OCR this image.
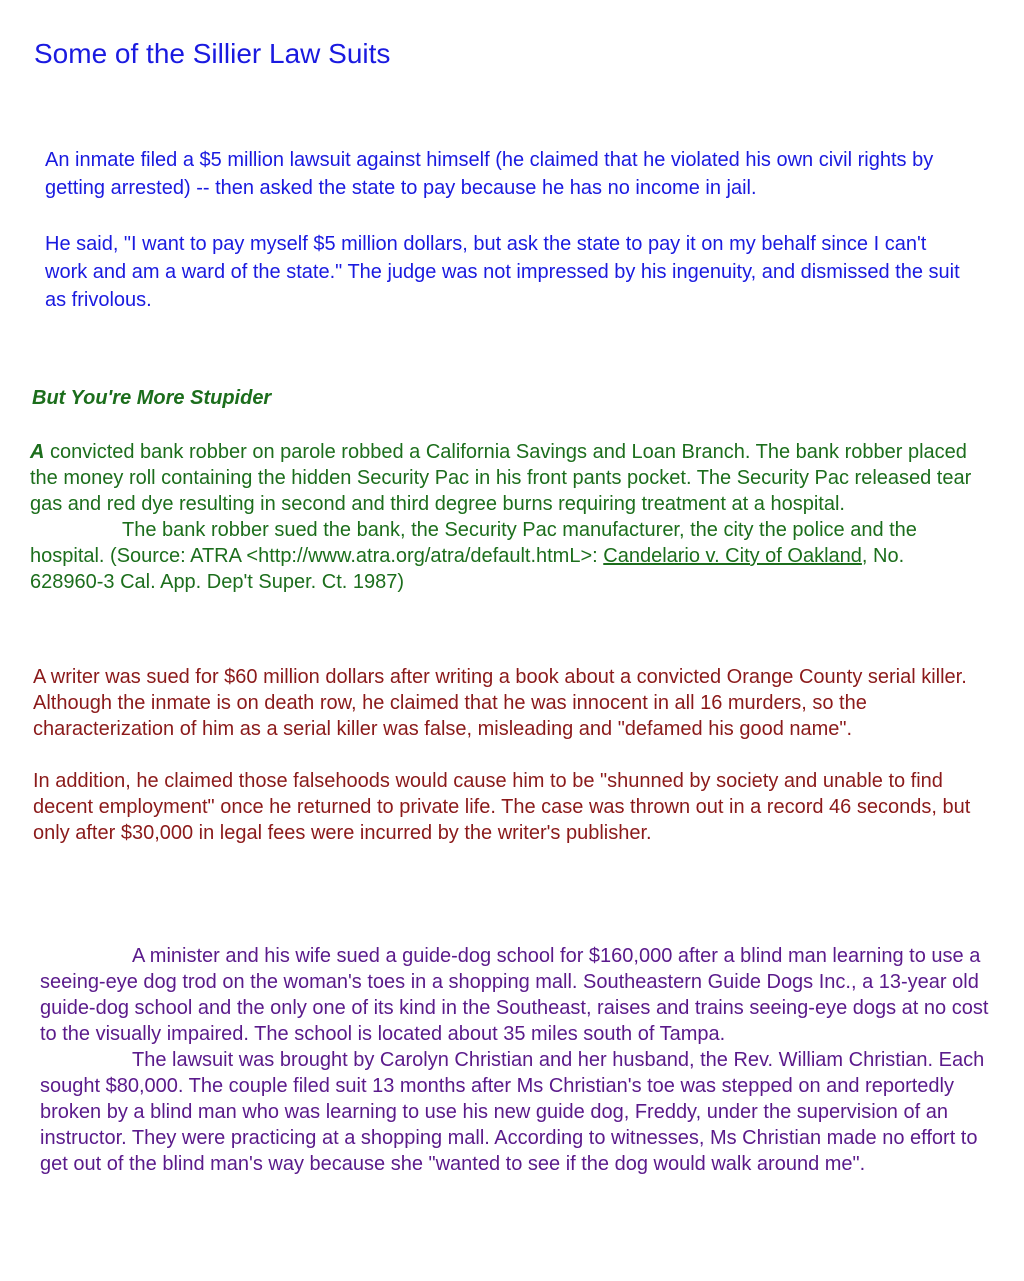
Some of the Sillier Law Suits

An inmate filed a $5 million lawsuit against himself (he claimed that he violated his own civil rights by getting arrested) -- then asked the state to pay because he has no income in jail.

He said, "I want to pay myself $5 million dollars, but ask the state to pay it on my behalf since I can't work and am a ward of the state." The judge was not impressed by his ingenuity, and dismissed the suit as frivolous.

But You're More Stupider
A convicted bank robber on parole robbed a California Savings and Loan Branch. The bank robber placed
the money roll containing the hidden Security Pac in his front pants pocket. The Security Pac released tear
gas and red dye resulting in second and third degree burns requiring treatment at a hospital.
The bank robber sued the bank, the Security Pac manufacturer, the city the police and the
hospital. (Source: ATRA <http://www.atra.org/atra/default.htmL>: Candelario v. City of Oakland, No.
628960-3 Cal. App. Dep't Super. Ct. 1987)

A writer was sued for $60 million dollars after writing a book about a convicted Orange County serial killer. Although the inmate is on death row, he claimed that he was innocent in all 16 murders, so the characterization of him as a serial killer was false, misleading and "defamed his good name".

In addition, he claimed those falsehoods would cause him to be "shunned by society and unable to find decent employment" once he returned to private life. The case was thrown out in a record 46 seconds, but only after $30,000 in legal fees were incurred by the writer's publisher.

A minister and his wife sued a guide-dog school for $160,000 after a blind man learning to use a seeing-eye dog trod on the woman's toes in a shopping mall. Southeastern Guide Dogs Inc., a 13-year old guide-dog school and the only one of its kind in the Southeast, raises and trains seeing-eye dogs at no cost to the visually impaired. The school is located about 35 miles south of Tampa.

The lawsuit was brought by Carolyn Christian and her husband, the Rev. William Christian. Each sought $80,000. The couple filed suit 13 months after Ms Christian's toe was stepped on and reportedly broken by a blind man who was learning to use his new guide dog, Freddy, under the supervision of an instructor. They were practicing at a shopping mall. According to witnesses, Ms Christian made no effort to get out of the blind man's way because she "wanted to see if the dog would walk around me".
